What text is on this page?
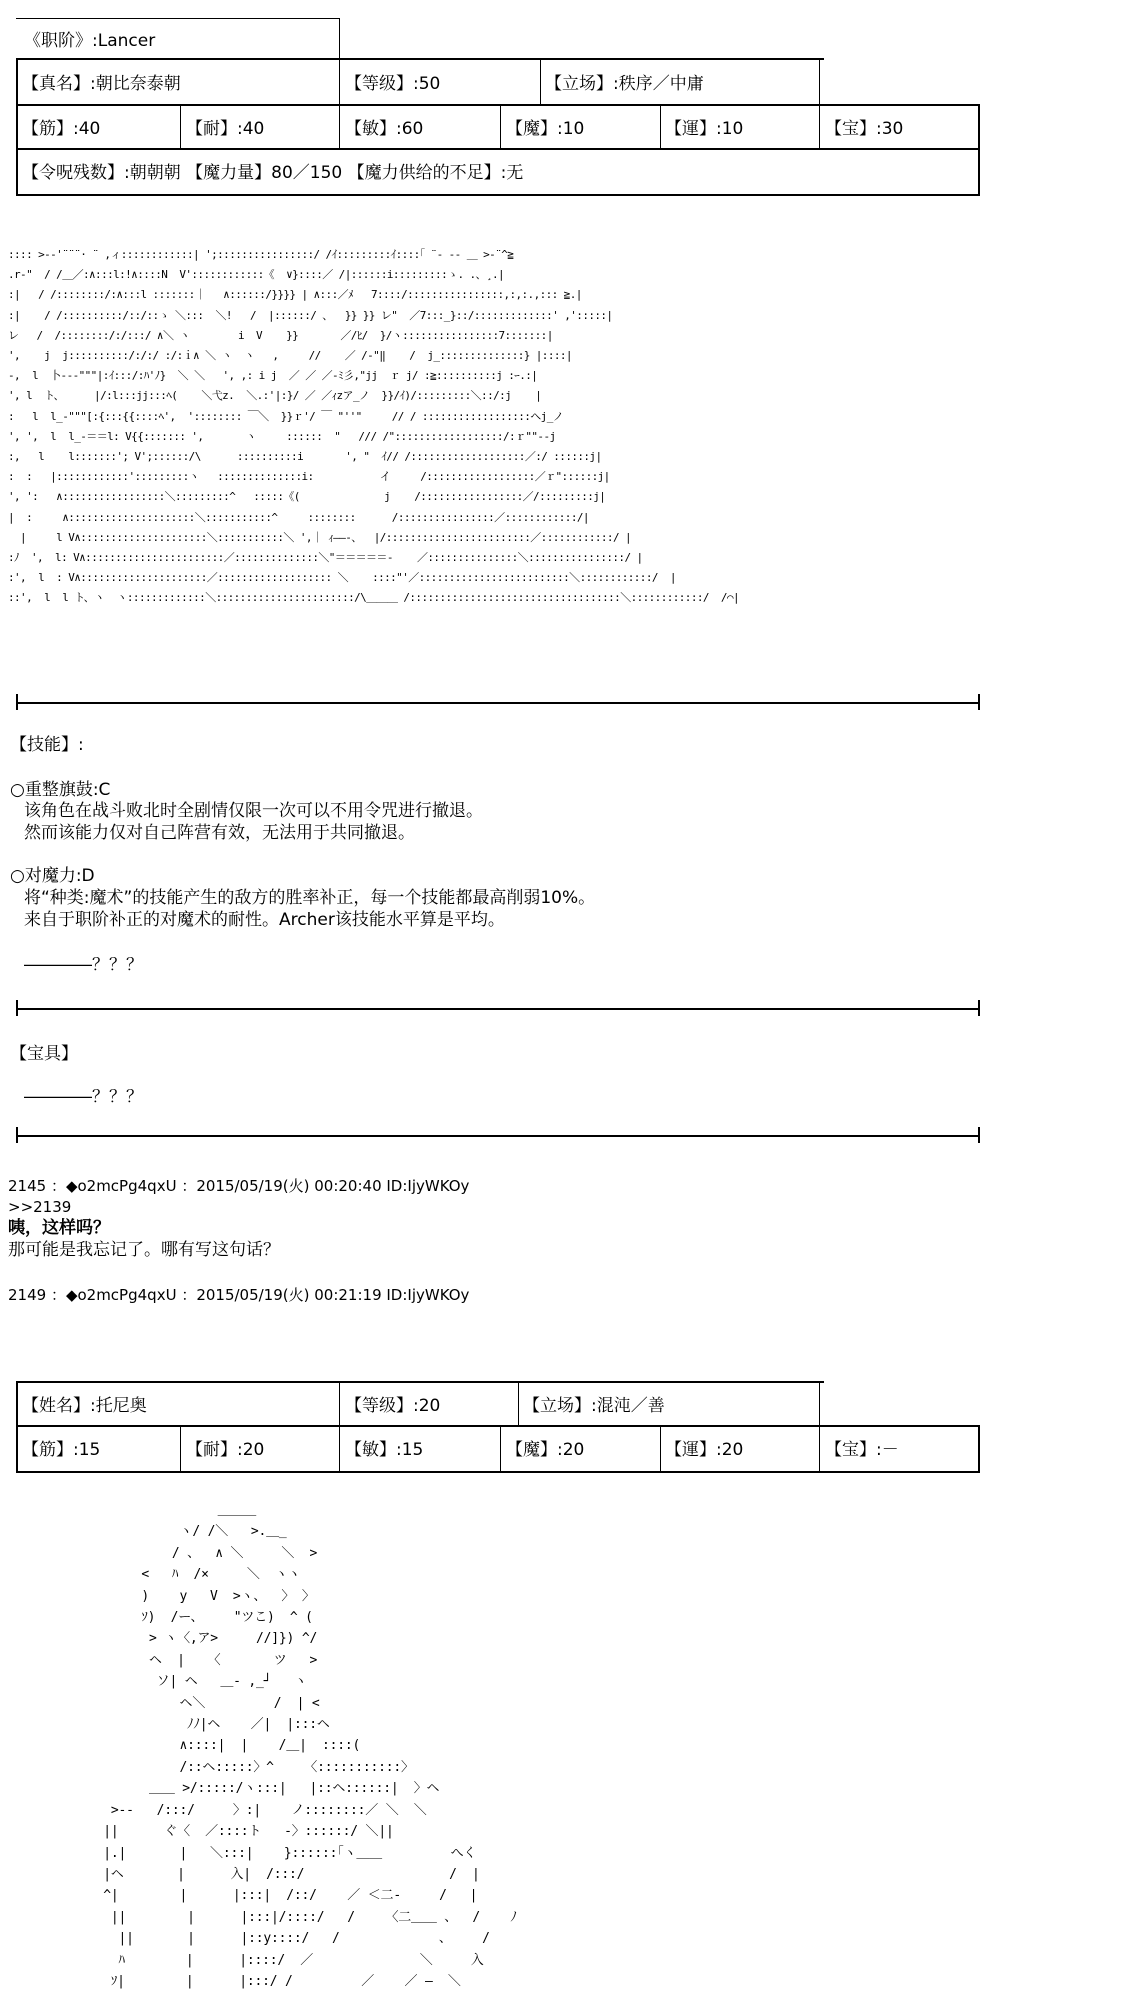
《职阶》:Lancer
【真名】:朝比奈泰朝	【等级】:50	【立场】:秩序／中庸
【筋】:40	【耐】:40	【敏】:60	【魔】:10	【運】:10	【宝】:30
【令呪残数】:朝朝朝 【魔力量】80／150 【魔力供给的不足】:无
:::: >-‐'¨¨¨· ¨ ,ィ::::::::::::| ';::::::::::::::::/ /ｲ:::::::::ｲ::::｢ ¨- ‐- ＿ >-¨^≧
.r‐"  / /＿／:∧:::l:!∧::::N  V'::::::::::::《  ∨}::::／ /|::::::i:::::::::ゝ. .、¸.|
:|   / /::::::::/:∧:::l :::::::｜   ∧::::::/}}}} | ∧:::／ﾒ   7::::/::::::::::::::::,:,:.,::: ≧.|
:|    / /::::::::::/::/::ゝ ＼:::  ＼!   /  |::::::/ 、  }} }} レ"  ／7:::_}::/:::::::::::::' ,':::::|
レ   /  /::::::::/:/:::/ ∧＼ ヽ        i  V    }}       ／/ﾋ/  }/ヽ::::::::::::::::7:::::::|
',    j  j::::::::::/:/:/ :/:ｉ∧ ＼ ヽ  ヽ   ,     //    ／ /‐"‖    /  j_::::::::::::::} |::::|
-,  l  卜‐‐‐"""|:ｲ:::/:ﾊ'ﾉ}  ＼ ＼   ', ,: i j  ／ ／ ／-ﾐ彡,"jj  ｒ j/ :≧::::::::::j :ｰ.:|
', l  ト、     |/:l:::jj:::ﾍ(    ＼弋z.  ＼.:'|:}/ ／ ／ｨzア_ノ  }}/ｲ)/:::::::::＼::/:j    |
:   l  l_‐"""[:{:::{{::::ﾍ',  ':::::::: ￣＼  }}ｒ'/ ￣ "''"     // / ::::::::::::::::::ヘj_ノ
', ',  l  l_‐＝＝l: V{{::::::: ',       ヽ     ::::::  "   /// /"::::::::::::::::::/:ｒ""‐‐j
:,   l    l:::::::'; V';::::::/\      ::::::::::i       ', "  ｲ// /:::::::::::::::::::／:/ ::::::j|
:  :   |::::::::::::':::::::::ヽ   ::::::::::::::i:           イ     /::::::::::::::::::／ｒ"::::::j|
', ':   ∧:::::::::::::::::＼:::::::::^   :::::《(              j    /:::::::::::::::::／/:::::::::j|
|  :     ∧:::::::::::::::::::::＼:::::::::::^     ::::::::      /::::::::::::::::／::::::::::::/|
|     l V∧:::::::::::::::::::::＼:::::::::::＼ ',｜ ｨ――‐、  |/::::::::::::::::::::::::／::::::::::::/ |
:ﾉ  ',  l: V∧:::::::::::::::::::::::／::::::::::::::＼"＝＝＝＝＝-    ／:::::::::::::::＼::::::::::::::::/ |
:',  l  : V∧:::::::::::::::::::::／::::::::::::::::::: ＼    ::::"'／:::::::::::::::::::::::::＼::::::::::::/  |
::',  l  l ト、ヽ  ヽ:::::::::::::＼:::::::::::::::::::::::/\＿＿＿ /:::::::::::::::::::::::::::::::::::＼::::::::::::/  /⌒|
【技能】:
○重整旗鼓:C
该角色在战斗败北时全剧情仅限一次可以不用令咒进行撤退。
然而该能力仅对自己阵营有效，无法用于共同撤退。
○对魔力:D
将“种类:魔术”的技能产生的敌方的胜率补正，每一个技能都最高削弱10%。
来自于职阶补正的对魔术的耐性。Archer该技能水平算是平均。
――――？？？
【宝具】
――――？？？
2145 ：◆o2mcPg4qxU ：2015/05/19(火) 00:20:40 ID:IjyWKOy
>>2139
咦，这样吗？
那可能是我忘记了。哪有写这句话？
2149 ：◆o2mcPg4qxU ：2015/05/19(火) 00:21:19 ID:IjyWKOy
【姓名】:托尼奥	【等级】:20	【立场】:混沌／善
【筋】:15	【耐】:20	【敏】:15	【魔】:20	【運】:20	【宝】:－
＿＿＿
ヽ/ /＼   >.＿_
/ 、  ∧ ＼     ＼  >
<   ﾊ  /×     ＼  ヽヽ
)    y   V  >ヽ、  〉 〉
ｿ)  /ー、    "ツこ)  ^ (
> ヽ〈,ア>     //]}) ^/
ヘ  |   〈       ツ   >
ソ| ヘ   ＿- ,_┘   ヽ
ヘ＼         /  | <
ﾉﾉ|ヘ    ／|  |:::ヘ
∧::::|  |    /＿|  ::::(
/::ヘ:::::〉^    〈:::::::::::〉
＿＿ >/:::::/ヽ:::|   |::ヘ::::::|  〉ヘ
>‐‐   /:::/     〉:|    ノ::::::::／ ＼  ＼
||      ぐ〈  ／::::ト   ‐〉::::::/ ＼||
|.|       |   ＼:::|    }::::::｢ヽ＿＿         へく
|ヘ       |      入|  /:::/                   /  |
^|        |      |:::|  /::/    ／ ＜二‐     /   |
||        |      |:::|/::::/   /    〈二＿＿ 、  /    ﾉ
||       |      |::y::::/   /             、    /
ﾊ        |      |::::/  ／              ＼     入
ｿ|        |      |:::/ /         ／    ／ ―  ＼
